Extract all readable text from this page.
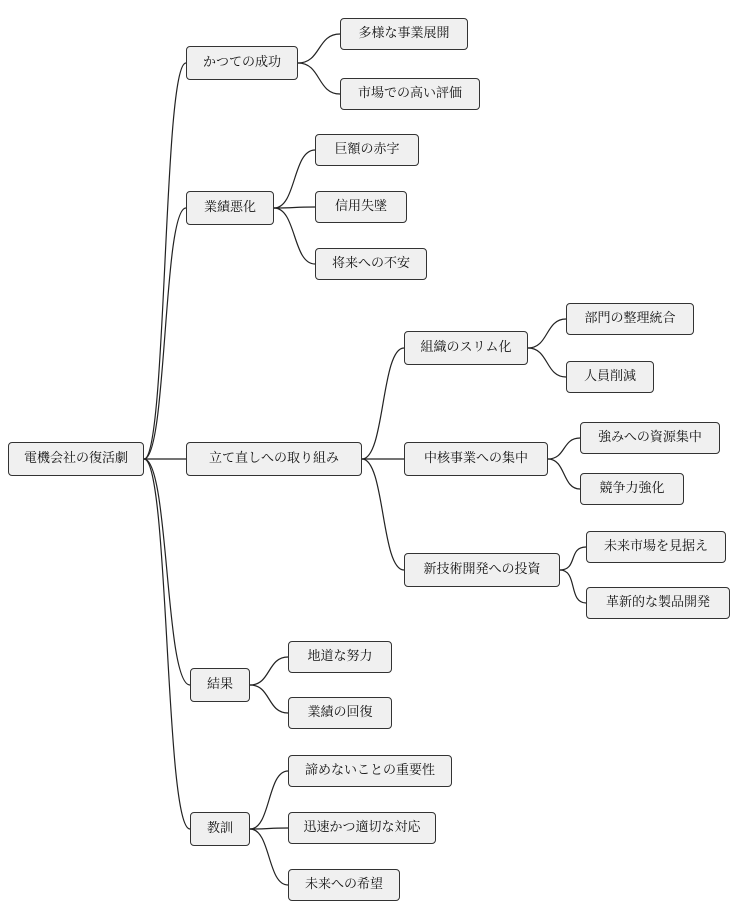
電機会社の復活劇
かつての成功
多様な事業展開
市場での高い評価
業績悪化
巨額の赤字
信用失墜
将来への不安
立て直しへの取り組み
組織のスリム化
部門の整理統合
人員削減
中核事業への集中
強みへの資源集中
競争力強化
新技術開発への投資
未来市場を見据え
革新的な製品開発
結果
地道な努力
業績の回復
教訓
諦めないことの重要性
迅速かつ適切な対応
未来への希望
